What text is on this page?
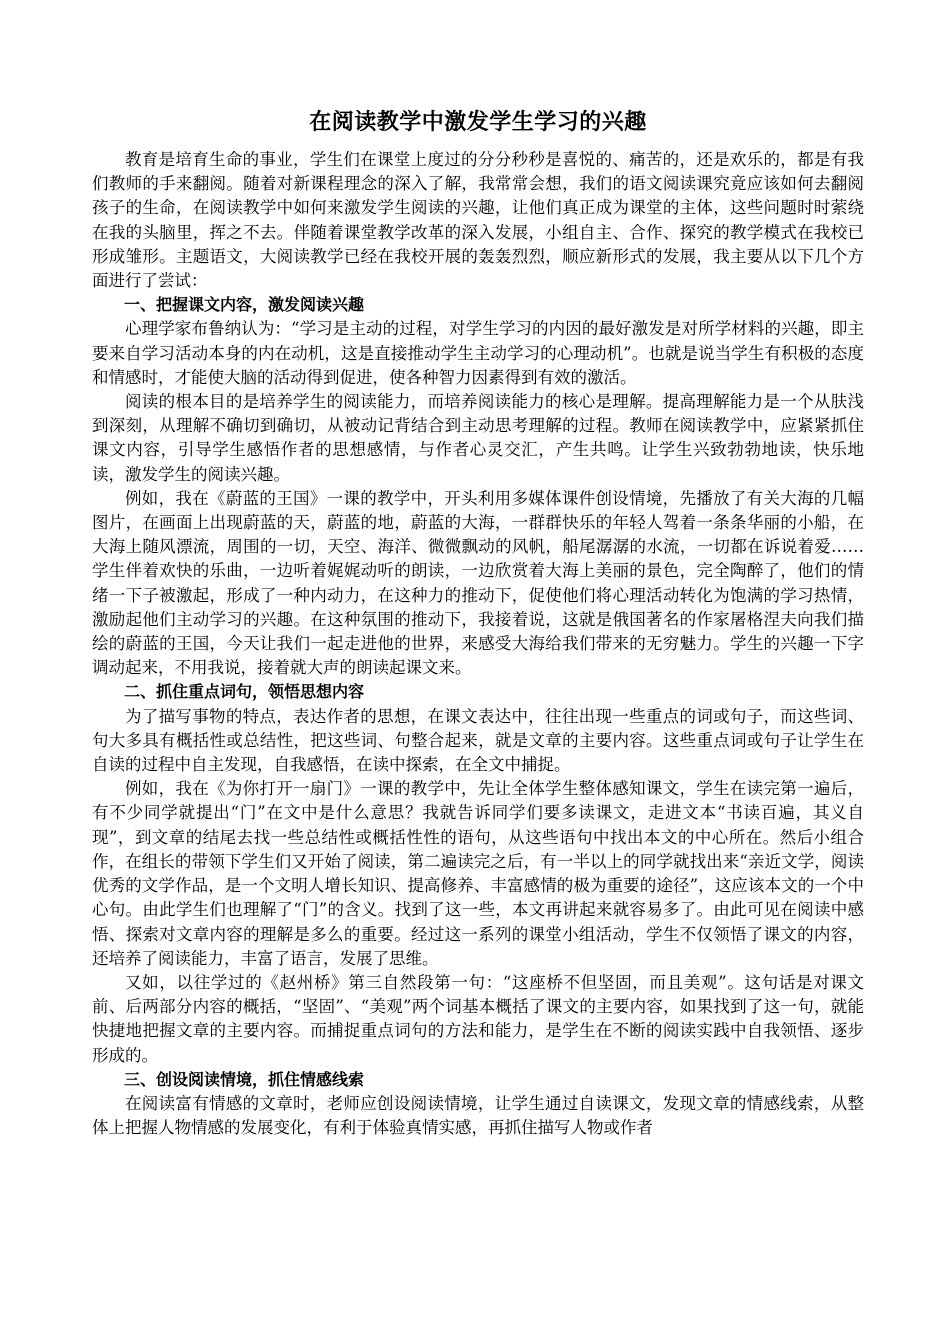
在阅读教学中激发学生学习的兴趣

教育是培育生命的事业，学生们在课堂上度过的分分秒秒是喜悦的、痛苦的，还是欢乐的，都是有我们教师的手来翻阅。随着对新课程理念的深入了解，我常常会想，我们的语文阅读课究竟应该如何去翻阅孩子的生命，在阅读教学中如何来激发学生阅读的兴趣，让他们真正成为课堂的主体，这些问题时时萦绕在我的头脑里，挥之不去。伴随着课堂教学改革的深入发展，小组自主、合作、探究的教学模式在我校已形成雏形。主题语文，大阅读教学已经在我校开展的轰轰烈烈，顺应新形式的发展，我主要从以下几个方面进行了尝试：

一、把握课文内容，激发阅读兴趣

心理学家布鲁纳认为：“学习是主动的过程，对学生学习的内因的最好激发是对所学材料的兴趣，即主要来自学习活动本身的内在动机，这是直接推动学生主动学习的心理动机”。也就是说当学生有积极的态度和情感时，才能使大脑的活动得到促进，使各种智力因素得到有效的激活。

阅读的根本目的是培养学生的阅读能力，而培养阅读能力的核心是理解。提高理解能力是一个从肤浅到深刻，从理解不确切到确切，从被动记背结合到主动思考理解的过程。教师在阅读教学中，应紧紧抓住课文内容，引导学生感悟作者的思想感情，与作者心灵交汇，产生共鸣。让学生兴致勃勃地读，快乐地读，激发学生的阅读兴趣。

例如，我在《蔚蓝的王国》一课的教学中，开头利用多媒体课件创设情境，先播放了有关大海的几幅图片，在画面上出现蔚蓝的天，蔚蓝的地，蔚蓝的大海，一群群快乐的年轻人驾着一条条华丽的小船，在大海上随风漂流，周围的一切，天空、海洋、微微飘动的风帆，船尾潺潺的水流，一切都在诉说着爱……学生伴着欢快的乐曲，一边听着娓娓动听的朗读，一边欣赏着大海上美丽的景色，完全陶醉了，他们的情绪一下子被激起，形成了一种内动力，在这种力的推动下，促使他们将心理活动转化为饱满的学习热情，激励起他们主动学习的兴趣。在这种氛围的推动下，我接着说，这就是俄国著名的作家屠格涅夫向我们描绘的蔚蓝的王国，今天让我们一起走进他的世界，来感受大海给我们带来的无穷魅力。学生的兴趣一下字调动起来，不用我说，接着就大声的朗读起课文来。

二、抓住重点词句，领悟思想内容

为了描写事物的特点，表达作者的思想，在课文表达中，往往出现一些重点的词或句子，而这些词、句大多具有概括性或总结性，把这些词、句整合起来，就是文章的主要内容。这些重点词或句子让学生在自读的过程中自主发现，自我感悟，在读中探索，在全文中捕捉。

例如，我在《为你打开一扇门》一课的教学中，先让全体学生整体感知课文，学生在读完第一遍后，有不少同学就提出“门”在文中是什么意思？我就告诉同学们要多读课文，走进文本“书读百遍，其义自现”，到文章的结尾去找一些总结性或概括性性的语句，从这些语句中找出本文的中心所在。然后小组合作，在组长的带领下学生们又开始了阅读，第二遍读完之后，有一半以上的同学就找出来“亲近文学，阅读优秀的文学作品，是一个文明人增长知识、提高修养、丰富感情的极为重要的途径”，这应该本文的一个中心句。由此学生们也理解了“门”的含义。找到了这一些，本文再讲起来就容易多了。由此可见在阅读中感悟、探索对文章内容的理解是多么的重要。经过这一系列的课堂小组活动，学生不仅领悟了课文的内容，还培养了阅读能力，丰富了语言，发展了思维。

又如，以往学过的《赵州桥》第三自然段第一句：“这座桥不但坚固，而且美观”。这句话是对课文前、后两部分内容的概括，“坚固”、“美观”两个词基本概括了课文的主要内容，如果找到了这一句，就能快捷地把握文章的主要内容。而捕捉重点词句的方法和能力，是学生在不断的阅读实践中自我领悟、逐步形成的。

三、创设阅读情境，抓住情感线索

在阅读富有情感的文章时，老师应创设阅读情境，让学生通过自读课文，发现文章的情感线索，从整体上把握人物情感的发展变化，有利于体验真情实感，再抓住描写人物或作者
